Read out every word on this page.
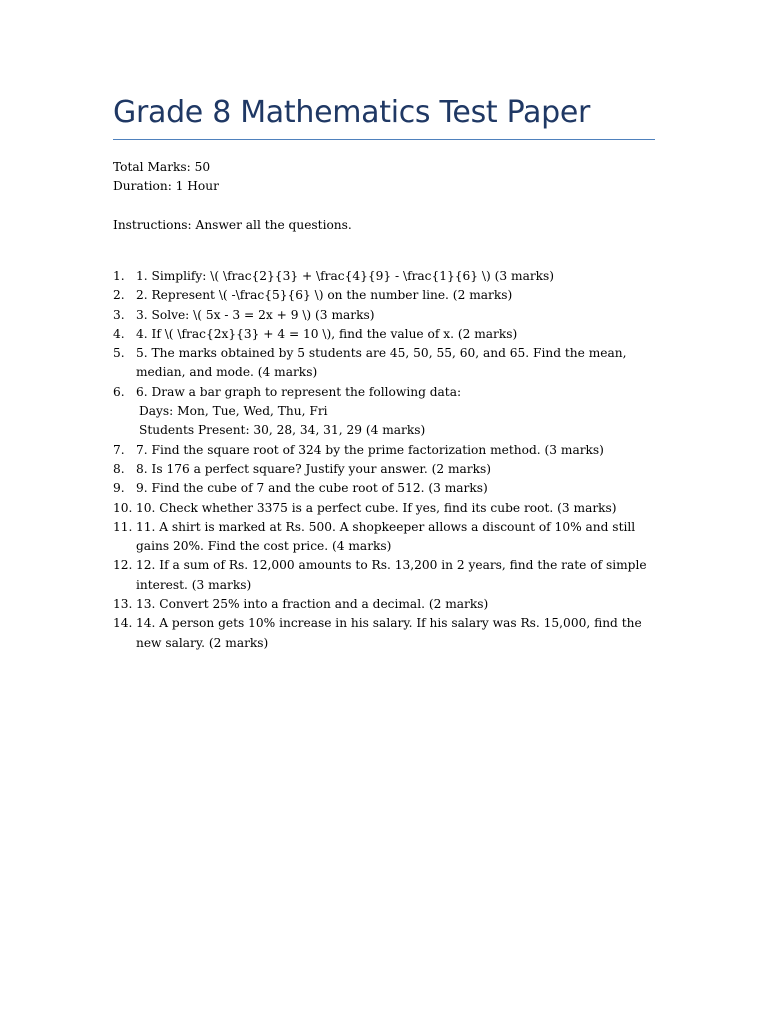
Grade 8 Mathematics Test Paper
Total Marks: 50
Duration: 1 Hour
Instructions: Answer all the questions.
1. 1. Simplify: \( \frac{2}{3} + \frac{4}{9} - \frac{1}{6} \) (3 marks)
2. 2. Represent \( -\frac{5}{6} \) on the number line. (2 marks)
3. 3. Solve: \( 5x - 3 = 2x + 9 \) (3 marks)
4. 4. If \( \frac{2x}{3} + 4 = 10 \), find the value of x. (2 marks)
5. 5. The marks obtained by 5 students are 45, 50, 55, 60, and 65. Find the mean, median, and mode. (4 marks)
6. 6. Draw a bar graph to represent the following data:
Days: Mon, Tue, Wed, Thu, Fri
Students Present: 30, 28, 34, 31, 29 (4 marks)
7. 7. Find the square root of 324 by the prime factorization method. (3 marks)
8. 8. Is 176 a perfect square? Justify your answer. (2 marks)
9. 9. Find the cube of 7 and the cube root of 512. (3 marks)
10. 10. Check whether 3375 is a perfect cube. If yes, find its cube root. (3 marks)
11. 11. A shirt is marked at Rs. 500. A shopkeeper allows a discount of 10% and still gains 20%. Find the cost price. (4 marks)
12. 12. If a sum of Rs. 12,000 amounts to Rs. 13,200 in 2 years, find the rate of simple interest. (3 marks)
13. 13. Convert 25% into a fraction and a decimal. (2 marks)
14. 14. A person gets 10% increase in his salary. If his salary was Rs. 15,000, find the new salary. (2 marks)
